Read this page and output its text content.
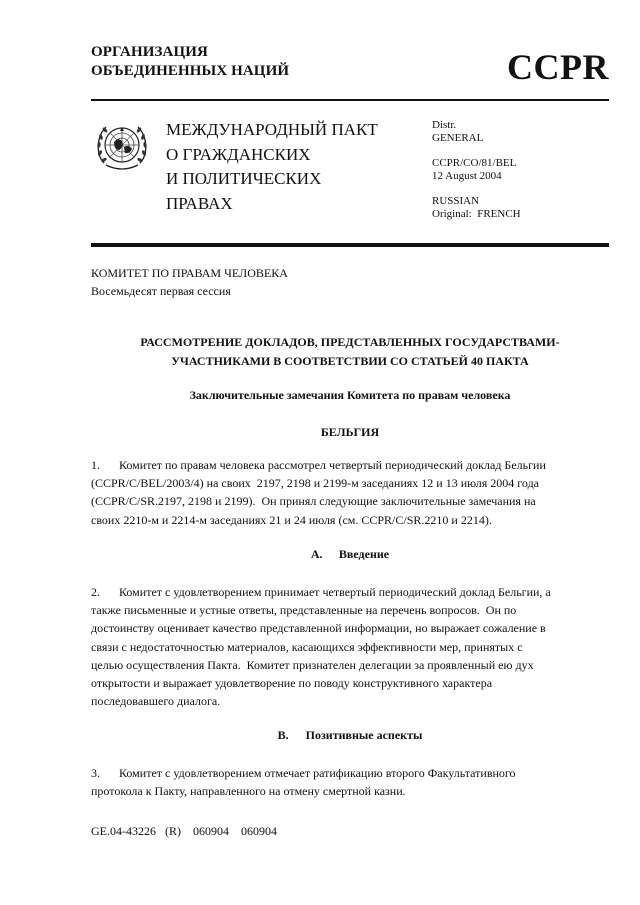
ОРГАНИЗАЦИЯ
ОБЪЕДИНЕННЫХ НАЦИЙ	CCPR
МЕЖДУНАРОДНЫЙ ПАКТ
О ГРАЖДАНСКИХ
И ПОЛИТИЧЕСКИХ
ПРАВАХ
Distr.
GENERAL
CCPR/CO/81/BEL
12 August 2004
RUSSIAN
Original:  FRENCH
КОМИТЕТ ПО ПРАВАМ ЧЕЛОВЕКА
Восемьдесят первая сессия
РАССМОТРЕНИЕ ДОКЛАДОВ, ПРЕДСТАВЛЕННЫХ ГОСУДАРСТВАМИ-
УЧАСТНИКАМИ В СООТВЕТСТВИИ СО СТАТЬЕЙ 40 ПАКТА
Заключительные замечания Комитета по правам человека
БЕЛЬГИЯ
1. Комитет по правам человека рассмотрел четвертый периодический доклад Бельгии
(CCPR/C/BEL/2003/4) на своих  2197, 2198 и 2199-м заседаниях 12 и 13 июля 2004 года
(CCPR/C/SR.2197, 2198 и 2199).  Он принял следующие заключительные замечания на
своих 2210-м и 2214-м заседаниях 21 и 24 июля (см. CCPR/C/SR.2210 и 2214).
A. Введение
2. Комитет с удовлетворением принимает четвертый периодический доклад Бельгии, а
также письменные и устные ответы, представленные на перечень вопросов.  Он по
достоинству оценивает качество представленной информации, но выражает сожаление в
связи с недостаточностью материалов, касающихся эффективности мер, принятых с
целью осуществления Пакта.  Комитет признателен делегации за проявленный ею дух
открытости и выражает удовлетворение по поводу конструктивного характера
последовавшего диалога.
B. Позитивные аспекты
3. Комитет с удовлетворением отмечает ратификацию второго Факультативного
протокола к Пакту, направленного на отмену смертной казни.
GE.04-43226   (R)    060904    060904
